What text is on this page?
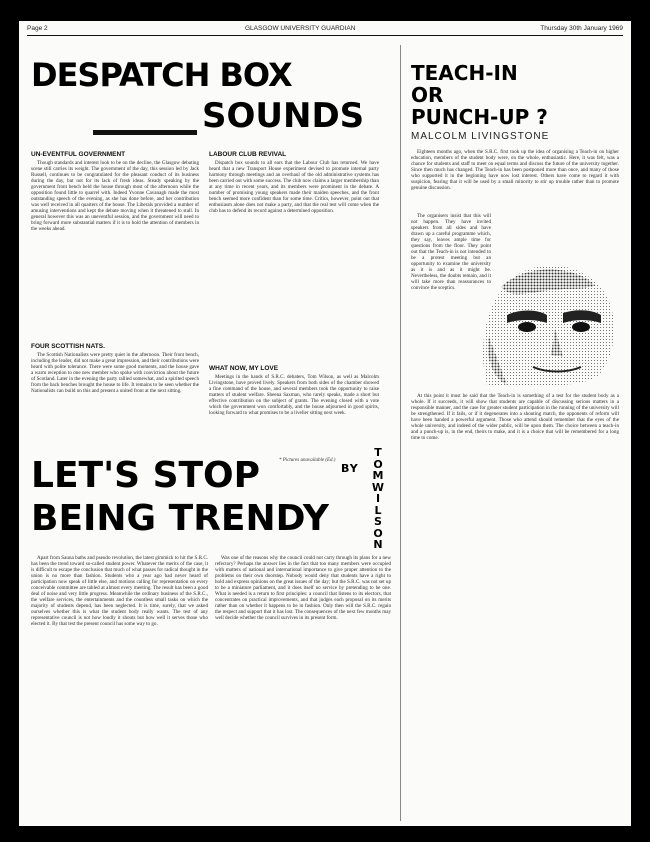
Page 2	GLASGOW UNIVERSITY GUARDIAN	Thursday 30th January 1969
DESPATCH BOX
SOUNDS
UN-EVENTFUL GOVERNMENT

Though standards and interest look to be on the decline, the Glasgow debating scene still carries its weight. The government of the day, this session led by Jack Russell, continues to be congratulated for the pleasant conduct of its business during the day, but not for its lack of fresh ideas. Steady speaking by the government front bench held the house through most of the afternoon while the opposition found little to quarrel with. Indeed Yvonne Cavanagh made the most outstanding speech of the evening, as she has done before, and her contribution was well received in all quarters of the house. The Liberals provided a number of amusing interventions and kept the debate moving when it threatened to stall. In general however this was an uneventful session, and the government will need to bring forward more substantial matters if it is to hold the attention of members in the weeks ahead.

FOUR SCOTTISH NATS.

The Scottish Nationalists were pretty quiet in the afternoon. Their front bench, including the leader, did not make a great impression, and their contributions were heard with polite tolerance. There were some good moments, and the house gave a warm reception to one new member who spoke with conviction about the future of Scotland. Later in the evening the party rallied somewhat, and a spirited speech from the back benches brought the house to life. It remains to be seen whether the Nationalists can build on this and present a united front at the next sitting.

LABOUR CLUB REVIVAL

Dispatch box sounds to all ears that the Labour Club has returned. We have heard that a new Transport House experiment devised to promote internal party harmony through meetings and an overhaul of the old administrative systems has been carried out with some success. The club now claims a larger membership than at any time in recent years, and its members were prominent in the debate. A number of promising young speakers made their maiden speeches, and the front bench seemed more confident than for some time. Critics, however, point out that enthusiasm alone does not make a party, and that the real test will come when the club has to defend its record against a determined opposition.

WHAT NOW, MY LOVE

Meetings in the hands of S.R.C. debaters, Tom Wilson, as well as Malcolm Livingstone, have proved lively. Speakers from both sides of the chamber showed a fine command of the house, and several members took the opportunity to raise matters of student welfare. Sheena Saxman, who rarely speaks, made a short but effective contribution on the subject of grants. The evening closed with a vote which the government won comfortably, and the house adjourned in good spirits, looking forward to what promises to be a livelier sitting next week.

* Pictures unavailable (Ed.)
TEACH-IN
OR
PUNCH-UP ?
MALCOLM LIVINGSTONE

Eighteen months ago, when the S.R.C. first took up the idea of organising a Teach-in on higher education, members of the student body were, on the whole, enthusiastic. Here, it was felt, was a chance for students and staff to meet on equal terms and discuss the future of the university together. Since then much has changed. The Teach-in has been postponed more than once, and many of those who supported it in the beginning have now lost interest. Others have come to regard it with suspicion, fearing that it will be used by a small minority to stir up trouble rather than to promote genuine discussion.

The organisers insist that this will not happen. They have invited speakers from all sides and have drawn up a careful programme which, they say, leaves ample time for questions from the floor. They point out that the Teach-in is not intended to be a protest meeting but an opportunity to examine the university as it is and as it might be. Nevertheless, the doubts remain, and it will take more than reassurances to convince the sceptics.

At this point it must be said that the Teach-in is something of a test for the student body as a whole. If it succeeds, it will show that students are capable of discussing serious matters in a responsible manner, and the case for greater student participation in the running of the university will be strengthened. If it fails, or if it degenerates into a shouting match, the opponents of reform will have been handed a powerful argument. Those who attend should remember that the eyes of the whole university, and indeed of the wider public, will be upon them. The choice between a teach-in and a punch-up is, in the end, theirs to make, and it is a choice that will be remembered for a long time to come.

LET'S STOP
BEING TRENDY
BY
T
O
M
W
I
L
S
O
N

Apart from Sauna baths and pseudo revolution, the latest gimmick to hit the S.R.C. has been the trend toward so-called student power. Whatever the merits of the case, it is difficult to escape the conclusion that much of what passes for radical thought in the union is no more than fashion. Students who a year ago had never heard of participation now speak of little else, and motions calling for representation on every conceivable committee are tabled at almost every meeting. The result has been a good deal of noise and very little progress. Meanwhile the ordinary business of the S.R.C., the welfare services, the entertainments and the countless small tasks on which the majority of students depend, has been neglected. It is time, surely, that we asked ourselves whether this is what the student body really wants. The test of any representative council is not how loudly it shouts but how well it serves those who elected it. By that test the present council has some way to go.

Was one of the reasons why the council could not carry through its plans for a new refectory? Perhaps the answer lies in the fact that too many members were occupied with matters of national and international importance to give proper attention to the problems on their own doorstep. Nobody would deny that students have a right to hold and express opinions on the great issues of the day; but the S.R.C. was not set up to be a miniature parliament, and it does itself no service by pretending to be one. What is needed is a return to first principles: a council that listens to its electors, that concentrates on practical improvements, and that judges each proposal on its merits rather than on whether it happens to be in fashion. Only then will the S.R.C. regain the respect and support that it has lost. The consequences of the next few months may well decide whether the council survives in its present form.
